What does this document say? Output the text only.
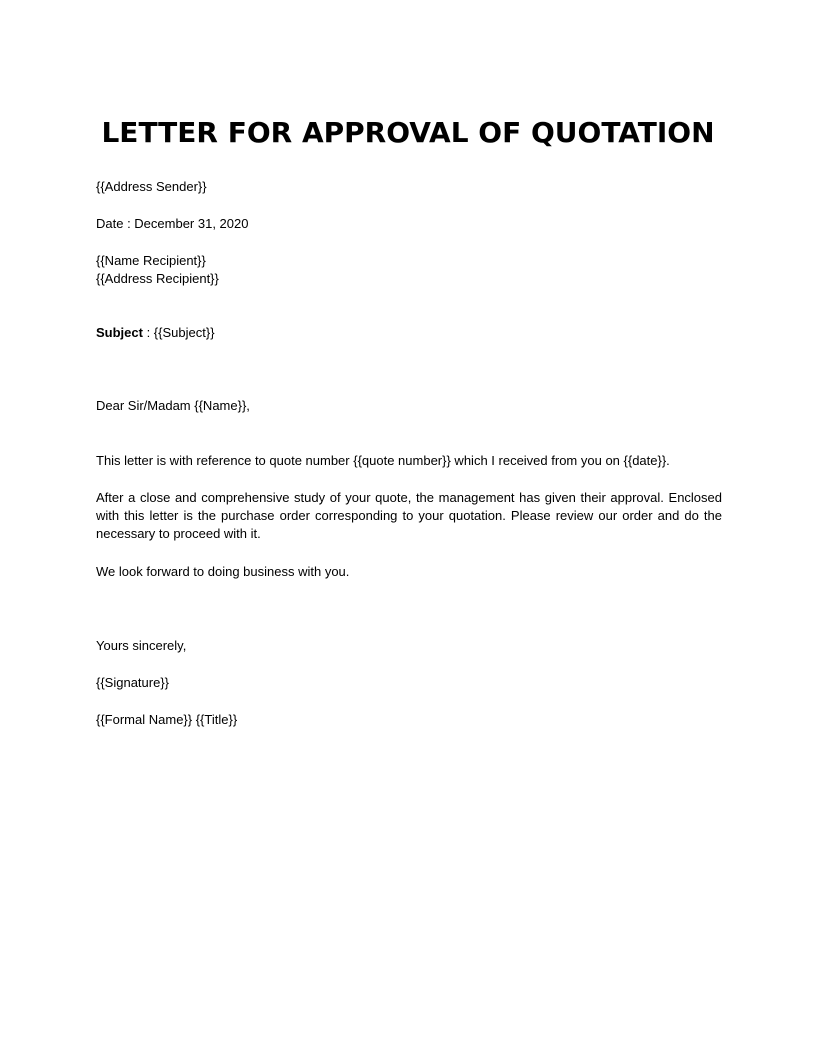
LETTER FOR APPROVAL OF QUOTATION
{{Address Sender}}
Date : December 31, 2020
{{Name Recipient}}
{{Address Recipient}}
Subject : {{Subject}}
Dear Sir/Madam {{Name}},
This letter is with reference to quote number {{quote number}} which I received from you on {{date}}.
After a close and comprehensive study of your quote, the management has given their approval. Enclosed with this letter is the purchase order corresponding to your quotation. Please review our order and do the necessary to proceed with it.
We look forward to doing business with you.
Yours sincerely,
{{Signature}}
{{Formal Name}} {{Title}}
